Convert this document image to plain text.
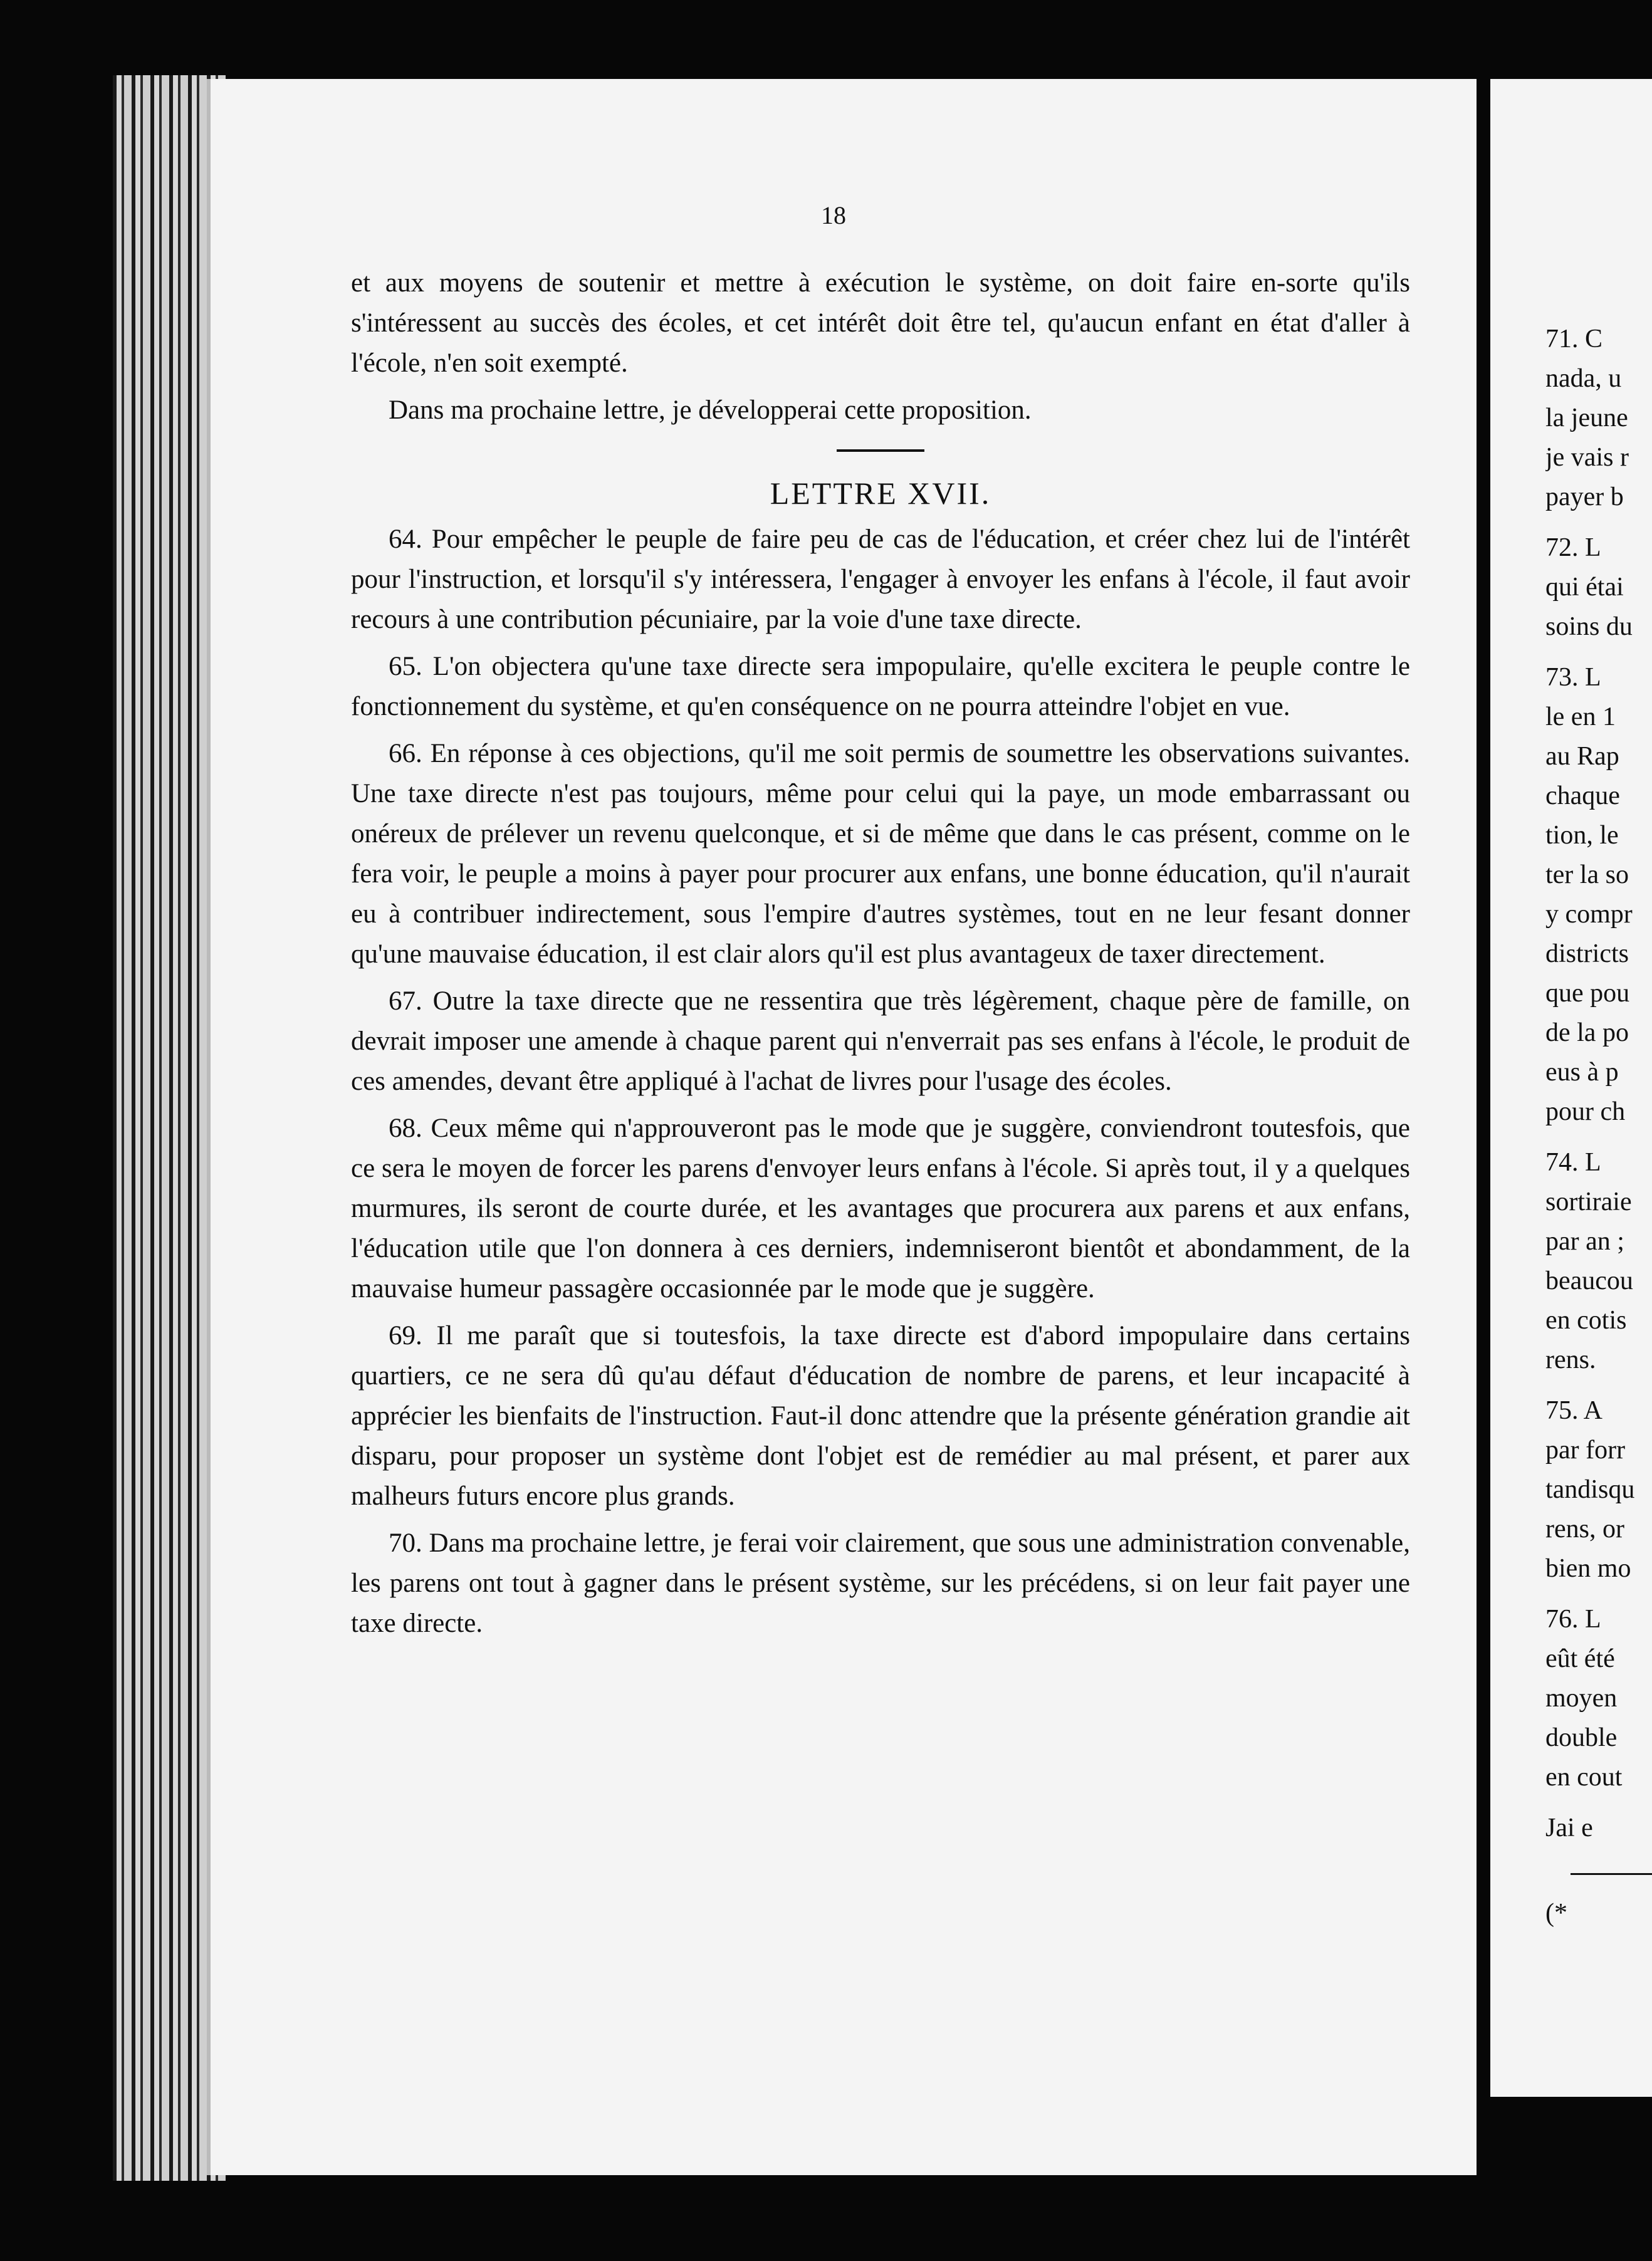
18

et aux moyens de soutenir et mettre à exécution le système, on doit faire en-sorte qu'ils s'intéressent au succès des écoles, et cet intérêt doit être tel, qu'aucun enfant en état d'aller à l'école, n'en soit exempté.

Dans ma prochaine lettre, je développerai cette proposition.

LETTRE XVII.

64. Pour empêcher le peuple de faire peu de cas de l'éducation, et créer chez lui de l'intérêt pour l'instruction, et lorsqu'il s'y intéressera, l'engager à envoyer les enfans à l'école, il faut avoir recours à une contribution pécuniaire, par la voie d'une taxe directe.

65. L'on objectera qu'une taxe directe sera impopulaire, qu'elle excitera le peuple contre le fonctionnement du système, et qu'en conséquence on ne pourra atteindre l'objet en vue.

66. En réponse à ces objections, qu'il me soit permis de soumettre les observations suivantes. Une taxe directe n'est pas toujours, même pour celui qui la paye, un mode embarrassant ou onéreux de prélever un revenu quelconque, et si de même que dans le cas présent, comme on le fera voir, le peuple a moins à payer pour procurer aux enfans, une bonne éducation, qu'il n'aurait eu à contribuer indirectement, sous l'empire d'autres systèmes, tout en ne leur fesant donner qu'une mauvaise éducation, il est clair alors qu'il est plus avantageux de taxer directement.

67. Outre la taxe directe que ne ressentira que très légèrement, chaque père de famille, on devrait imposer une amende à chaque parent qui n'enverrait pas ses enfans à l'école, le produit de ces amendes, devant être appliqué à l'achat de livres pour l'usage des écoles.

68. Ceux même qui n'approuveront pas le mode que je suggère, conviendront toutesfois, que ce sera le moyen de forcer les parens d'envoyer leurs enfans à l'école. Si après tout, il y a quelques murmures, ils seront de courte durée, et les avantages que procurera aux parens et aux enfans, l'éducation utile que l'on donnera à ces derniers, indemniseront bientôt et abondamment, de la mauvaise humeur passagère occasionnée par le mode que je suggère.

69. Il me paraît que si toutesfois, la taxe directe est d'abord impopulaire dans certains quartiers, ce ne sera dû qu'au défaut d'éducation de nombre de parens, et leur incapacité à apprécier les bienfaits de l'instruction. Faut-il donc attendre que la présente génération grandie ait disparu, pour proposer un système dont l'objet est de remédier au mal présent, et parer aux malheurs futurs encore plus grands.

70. Dans ma prochaine lettre, je ferai voir clairement, que sous une administration convenable, les parens ont tout à gagner dans le présent système, sur les précédens, si on leur fait payer une taxe directe.

71. C
nada, u
la jeune
je vais r
payer b
72. L
qui étai
soins du
73. L
le en 1
au Rap
chaque
tion, le
ter la so
y compr
districts
que pou
de la po
eus à p
pour ch
74. L
sortiraie
par an ;
beaucou
en cotis
rens.
75. A
par forr
tandisqu
rens, or
bien mo
76. L
eût été
moyen
double
en cout
Jai e
(*
